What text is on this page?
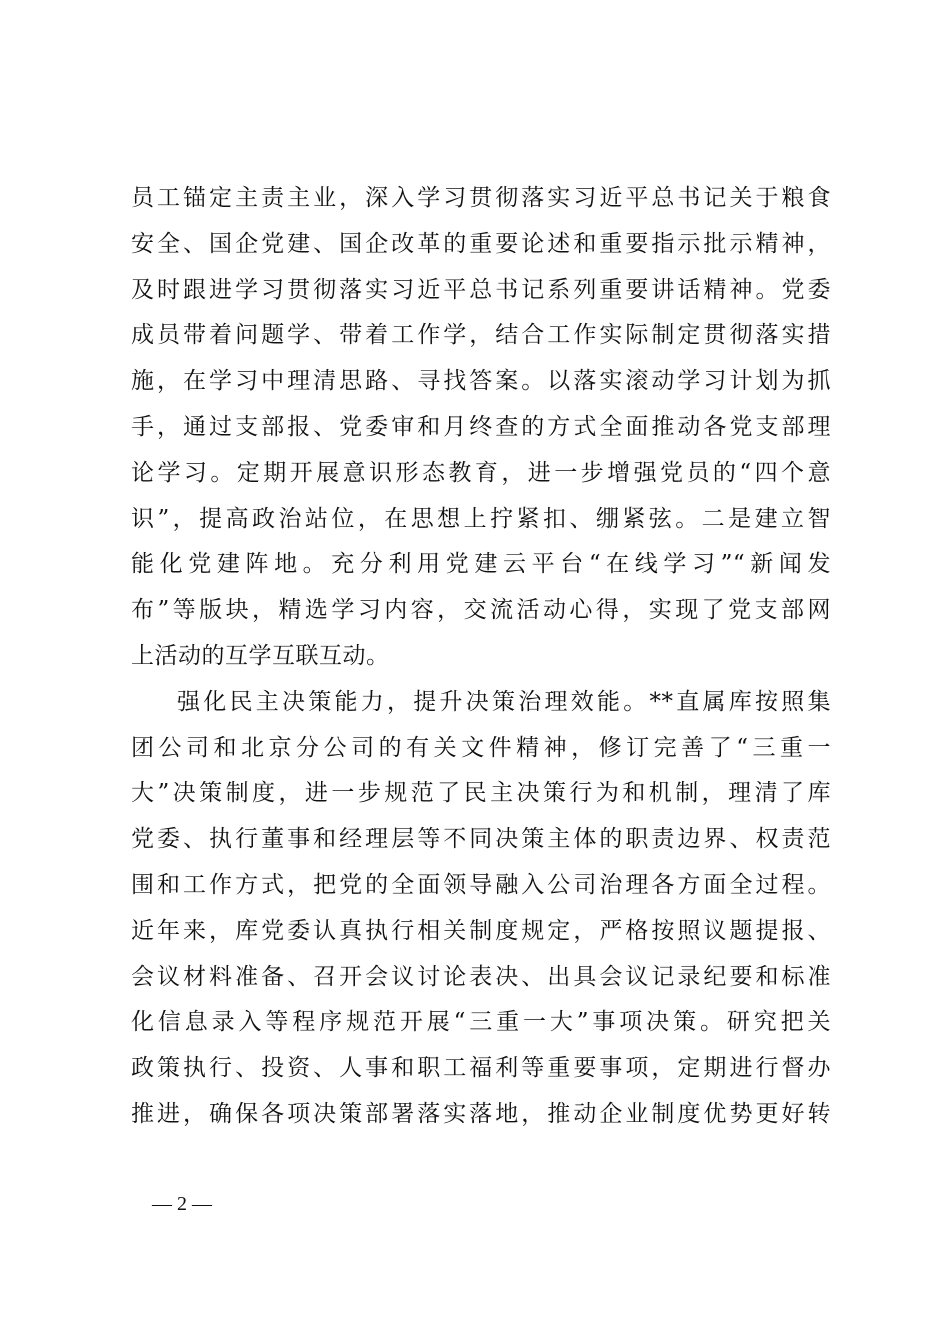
员工锚定主责主业，深入学习贯彻落实习近平总书记关于粮食
安全、国企党建、国企改革的重要论述和重要指示批示精神，
及时跟进学习贯彻落实习近平总书记系列重要讲话精神。党委
成员带着问题学、带着工作学，结合工作实际制定贯彻落实措
施，在学习中理清思路、寻找答案。以落实滚动学习计划为抓
手，通过支部报、党委审和月终查的方式全面推动各党支部理
论学习。定期开展意识形态教育，进一步增强党员的“四个意
识”，提高政治站位，在思想上拧紧扣、绷紧弦。二是建立智
能化党建阵地。充分利用党建云平台“在线学习”“新闻发
布”等版块，精选学习内容，交流活动心得，实现了党支部网
上活动的互学互联互动。
强化民主决策能力，提升决策治理效能。**直属库按照集
团公司和北京分公司的有关文件精神，修订完善了“三重一
大”决策制度，进一步规范了民主决策行为和机制，理清了库
党委、执行董事和经理层等不同决策主体的职责边界、权责范
围和工作方式，把党的全面领导融入公司治理各方面全过程。
近年来，库党委认真执行相关制度规定，严格按照议题提报、
会议材料准备、召开会议讨论表决、出具会议记录纪要和标准
化信息录入等程序规范开展“三重一大”事项决策。研究把关
政策执行、投资、人事和职工福利等重要事项，定期进行督办
推进，确保各项决策部署落实落地，推动企业制度优势更好转
— 2 —
